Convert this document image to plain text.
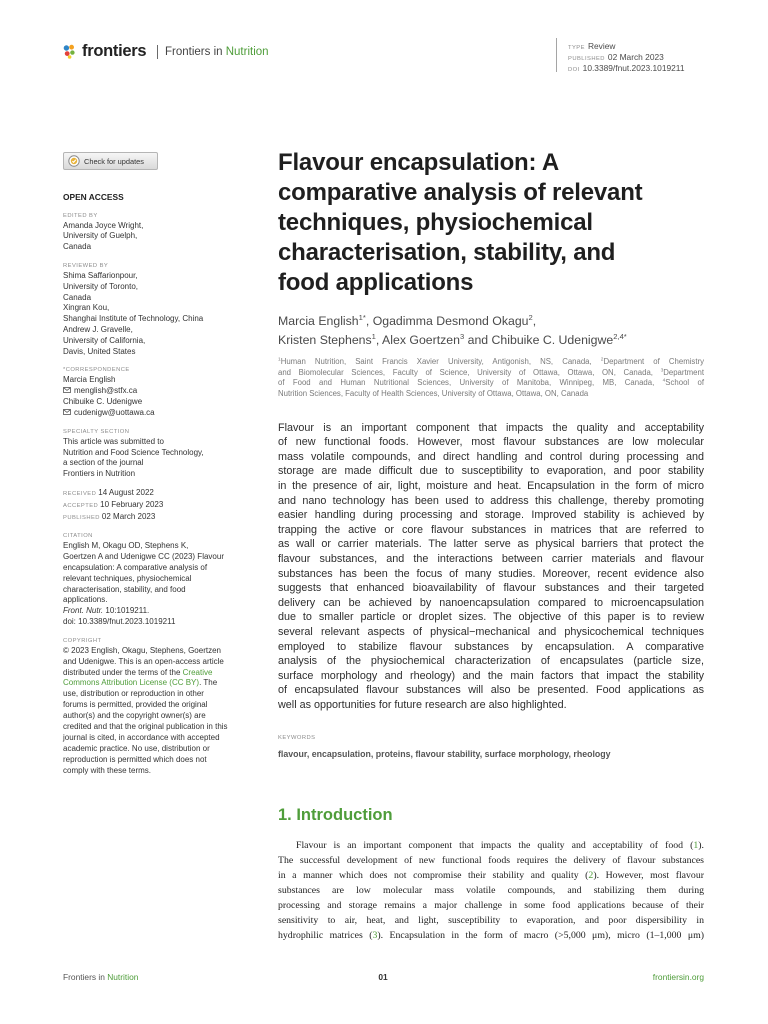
frontiers Frontiers in Nutrition	TYPE Review
PUBLISHED 02 March 2023
DOI 10.3389/fnut.2023.1019211
Check for updates
OPEN ACCESS
EDITED BY
Amanda Joyce Wright,
University of Guelph,
Canada
REVIEWED BY
Shima Saffarionpour,
University of Toronto,
Canada
Xingran Kou,
Shanghai Institute of Technology, China
Andrew J. Gravelle,
University of California,
Davis, United States
*CORRESPONDENCE
Marcia English
menglish@stfx.ca
Chibuike C. Udenigwe
cudenigw@uottawa.ca
SPECIALTY SECTION
This article was submitted to
Nutrition and Food Science Technology,
a section of the journal
Frontiers in Nutrition
RECEIVED 14 August 2022
ACCEPTED 10 February 2023
PUBLISHED 02 March 2023
CITATION
English M, Okagu OD, Stephens K,
Goertzen A and Udenigwe CC (2023) Flavour
encapsulation: A comparative analysis of
relevant techniques, physiochemical
characterisation, stability, and food
applications.
Front. Nutr. 10:1019211.
doi: 10.3389/fnut.2023.1019211
COPYRIGHT
© 2023 English, Okagu, Stephens, Goertzen
and Udenigwe. This is an open-access article
distributed under the terms of the Creative
Commons Attribution License (CC BY). The
use, distribution or reproduction in other
forums is permitted, provided the original
author(s) and the copyright owner(s) are
credited and that the original publication in this
journal is cited, in accordance with accepted
academic practice. No use, distribution or
reproduction is permitted which does not
comply with these terms.
Flavour encapsulation: A
comparative analysis of relevant
techniques, physiochemical
characterisation, stability, and
food applications
Marcia English$^{1*}$, Ogadimma Desmond Okagu$^2$,
Kristen Stephens$^1$, Alex Goertzen$^3$ and Chibuike C. Udenigwe$^{2,4*}$
$^1$Human Nutrition, Saint Francis Xavier University, Antigonish, NS, Canada, $^2$Department of Chemistry
and Biomolecular Sciences, Faculty of Science, University of Ottawa, Ottawa, ON, Canada, $^3$Department
of Food and Human Nutritional Sciences, University of Manitoba, Winnipeg, MB, Canada, $^4$School of
Nutrition Sciences, Faculty of Health Sciences, University of Ottawa, Ottawa, ON, Canada
Flavour is an important component that impacts the quality and acceptability
of new functional foods. However, most flavour substances are low molecular
mass volatile compounds, and direct handling and control during processing and
storage are made difficult due to susceptibility to evaporation, and poor stability
in the presence of air, light, moisture and heat. Encapsulation in the form of micro
and nano technology has been used to address this challenge, thereby promoting
easier handling during processing and storage. Improved stability is achieved by
trapping the active or core flavour substances in matrices that are referred to
as wall or carrier materials. The latter serve as physical barriers that protect the
flavour substances, and the interactions between carrier materials and flavour
substances has been the focus of many studies. Moreover, recent evidence also
suggests that enhanced bioavailability of flavour substances and their targeted
delivery can be achieved by nanoencapsulation compared to microencapsulation
due to smaller particle or droplet sizes. The objective of this paper is to review
several relevant aspects of physical−mechanical and physicochemical techniques
employed to stabilize flavour substances by encapsulation. A comparative
analysis of the physiochemical characterization of encapsulates (particle size,
surface morphology and rheology) and the main factors that impact the stability
of encapsulated flavour substances will also be presented. Food applications as
well as opportunities for future research are also highlighted.
KEYWORDS
flavour, encapsulation, proteins, flavour stability, surface morphology, rheology
1. Introduction
Flavour is an important component that impacts the quality and acceptability of food (1).
The successful development of new functional foods requires the delivery of flavour substances
in a manner which does not compromise their stability and quality (2). However, most flavour
substances are low molecular mass volatile compounds, and stabilizing them during
processing and storage remains a major challenge in some food applications because of their
sensitivity to air, heat, and light, susceptibility to evaporation, and poor dispersibility in
hydrophilic matrices (3). Encapsulation in the form of macro (>5,000 μm), micro (1–1,000 μm)
Frontiers in Nutrition	01	frontiersin.org
